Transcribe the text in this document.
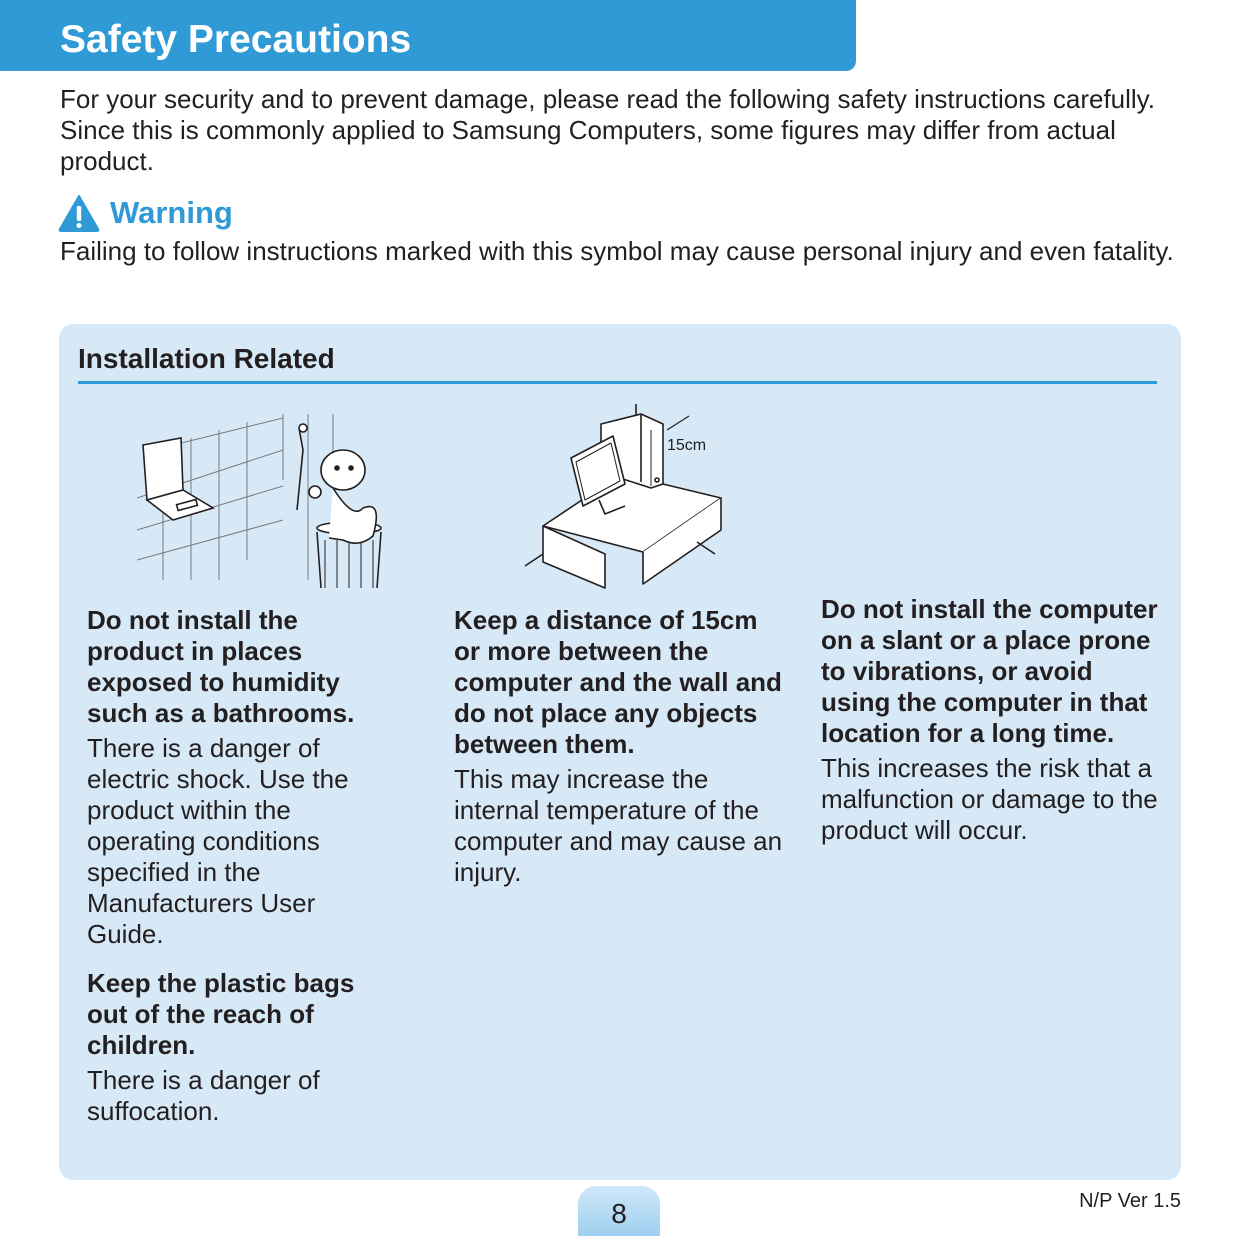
Safety Precautions

For your security and to prevent damage, please read the following safety instructions carefully. Since this is commonly applied to Samsung Computers, some figures may differ from actual product.

Warning

Failing to follow instructions marked with this symbol may cause personal injury and even fatality.

Installation Related
15cm

Do not install the product in places exposed to humidity such as a bathrooms.

There is a danger of electric shock. Use the product within the operating conditions specified in the Manufacturers User Guide.

Keep the plastic bags out of the reach of children.

There is a danger of suffocation.

Keep a distance of 15cm or more between the computer and the wall and do not place any objects between them.

This may increase the internal temperature of the computer and may cause an injury.

Do not install the computer on a slant or a place prone to vibrations, or avoid using the computer in that location for a long time.

This increases the risk that a malfunction or damage to the product will occur.

8	N/P Ver 1.5
